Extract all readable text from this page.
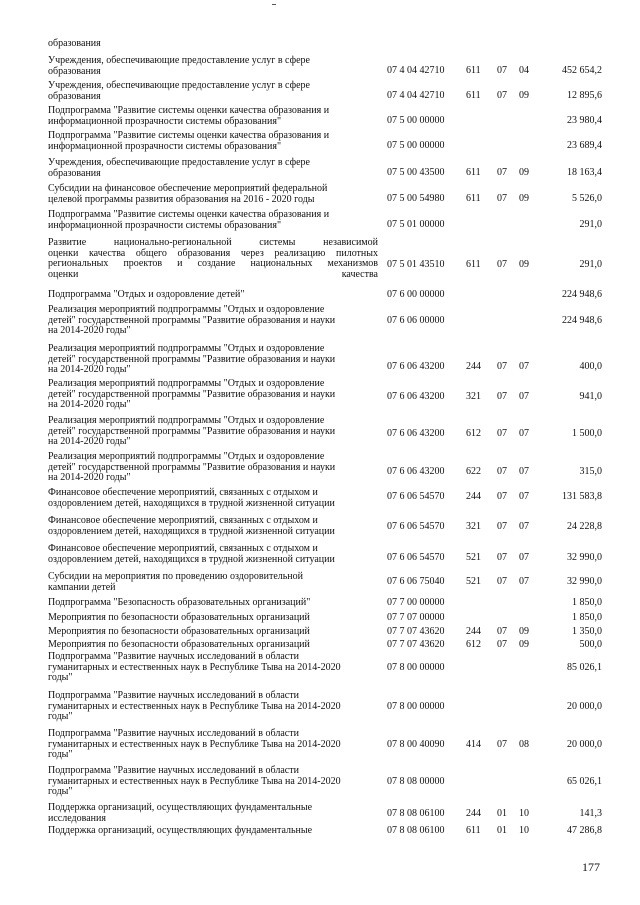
образования
Учреждения, обеспечивающие предоставление услуг в сфере
образования	07 4 04 42710 611 07 04	452 654,2
Учреждения, обеспечивающие предоставление услуг в сфере
образования	07 4 04 42710 611 07 09	12 895,6
Подпрограмма "Развитие системы оценки качества образования и
информационной прозрачности системы образования"	07 5 00 00000	23 980,4
Подпрограмма "Развитие системы оценки качества образования и
информационной прозрачности системы образования"	07 5 00 00000	23 689,4
Учреждения, обеспечивающие предоставление услуг в сфере
образования	07 5 00 43500 611 07 09	18 163,4
Субсидии на финансовое обеспечение мероприятий федеральной
целевой программы развития образования на 2016 - 2020 годы	07 5 00 54980 611 07 09	5 526,0
Подпрограмма "Развитие системы оценки качества образования и
информационной прозрачности системы образования"	07 5 01 00000	291,0
Развитие национально-региональной системы независимой
оценки качества общего образования через реализацию пилотных
региональных проектов и создание национальных механизмов
оценки качества
07 5 01 43510 611 07 09	291,0
Подпрограмма "Отдых и оздоровление детей"	07 6 00 00000	224 948,6
Реализация мероприятий подпрограммы "Отдых и оздоровление
детей" государственной программы "Развитие образования и науки
на 2014-2020 годы"
07 6 06 00000	224 948,6
Реализация мероприятий подпрограммы "Отдых и оздоровление
детей" государственной программы "Развитие образования и науки
на 2014-2020 годы"	07 6 06 43200 244 07 07	400,0
Реализация мероприятий подпрограммы "Отдых и оздоровление
детей" государственной программы "Развитие образования и науки
на 2014-2020 годы"
07 6 06 43200 321 07 07	941,0
Реализация мероприятий подпрограммы "Отдых и оздоровление
детей" государственной программы "Развитие образования и науки
на 2014-2020 годы"
07 6 06 43200 612 07 07	1 500,0
Реализация мероприятий подпрограммы "Отдых и оздоровление
детей" государственной программы "Развитие образования и науки
на 2014-2020 годы"
07 6 06 43200 622 07 07	315,0
Финансовое обеспечение мероприятий, связанных с отдыхом и
оздоровлением детей, находящихся в трудной жизненной ситуации
07 6 06 54570 244 07 07	131 583,8
Финансовое обеспечение мероприятий, связанных с отдыхом и
оздоровлением детей, находящихся в трудной жизненной ситуации	07 6 06 54570 321 07 07	24 228,8
Финансовое обеспечение мероприятий, связанных с отдыхом и
оздоровлением детей, находящихся в трудной жизненной ситуации	07 6 06 54570 521 07 07	32 990,0
Субсидии на мероприятия по проведению оздоровительной
кампании детей	07 6 06 75040 521 07 07	32 990,0
Подпрограмма "Безопасность образовательных организаций"	07 7 00 00000	1 850,0
Мероприятия по безопасности образовательных организаций	07 7 07 00000	1 850,0
Мероприятия по безопасности образовательных организаций	07 7 07 43620 244 07 09	1 350,0
Мероприятия по безопасности образовательных организаций	07 7 07 43620 612 07 09	500,0
Подпрограмма "Развитие научных исследований в области
гуманитарных и естественных наук в Республике Тыва на 2014-2020
годы"
07 8 00 00000	85 026,1
Подпрограмма "Развитие научных исследований в области
гуманитарных и естественных наук в Республике Тыва на 2014-2020
годы"
07 8 00 00000	20 000,0
Подпрограмма "Развитие научных исследований в области
гуманитарных и естественных наук в Республике Тыва на 2014-2020
годы"
07 8 00 40090 414 07 08	20 000,0
Подпрограмма "Развитие научных исследований в области
гуманитарных и естественных наук в Республике Тыва на 2014-2020
годы"
07 8 08 00000	65 026,1
Поддержка организаций, осуществляющих фундаментальные
исследования	07 8 08 06100 244 01 10	141,3
Поддержка организаций, осуществляющих фундаментальные	07 8 08 06100 611 01 10	47 286,8
177
